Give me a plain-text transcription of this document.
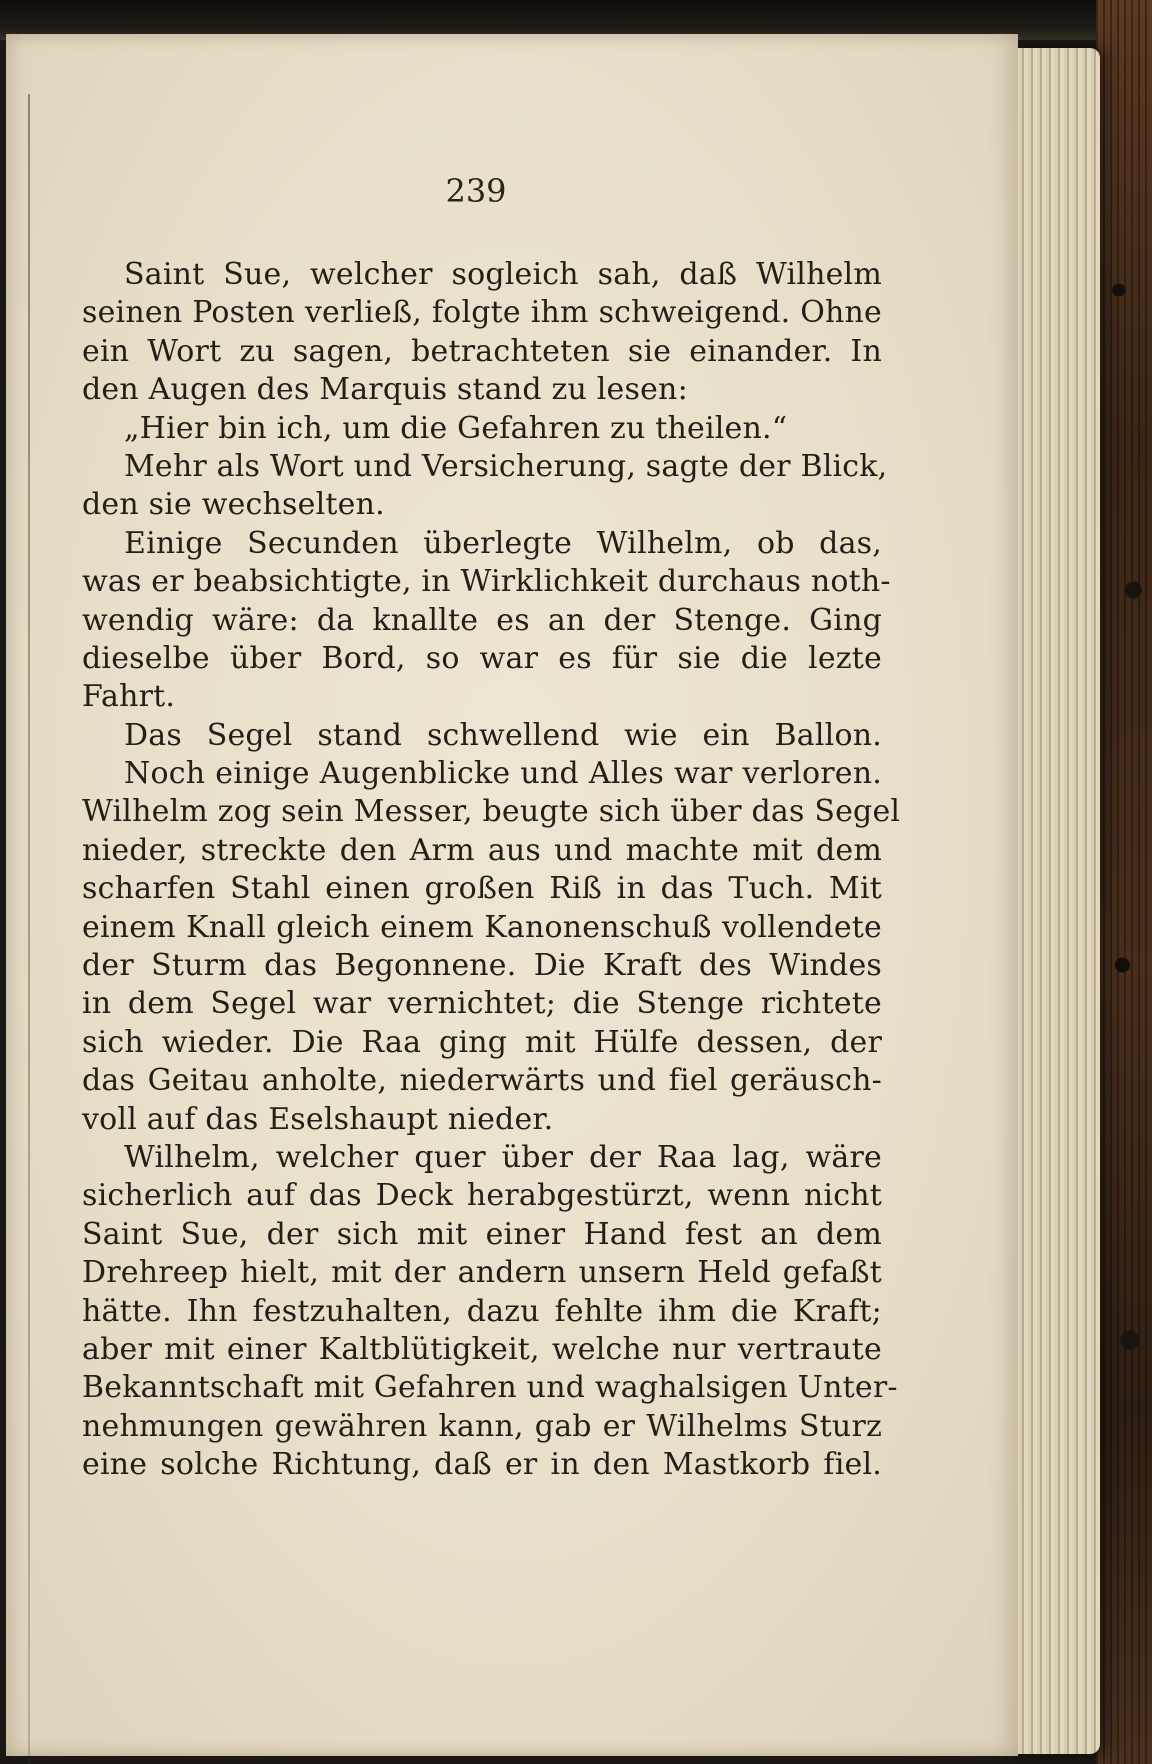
239
Saint Sue, welcher sogleich sah, daß Wilhelm
seinen Posten verließ, folgte ihm schweigend. Ohne
ein Wort zu sagen, betrachteten sie einander. In
den Augen des Marquis stand zu lesen:
„Hier bin ich, um die Gefahren zu theilen.“
Mehr als Wort und Versicherung, sagte der Blick,
den sie wechselten.
Einige Secunden überlegte Wilhelm, ob das,
was er beabsichtigte, in Wirklichkeit durchaus noth-
wendig wäre: da knallte es an der Stenge. Ging
dieselbe über Bord, so war es für sie die lezte
Fahrt.
Das Segel stand schwellend wie ein Ballon.
Noch einige Augenblicke und Alles war verloren.
Wilhelm zog sein Messer, beugte sich über das Segel
nieder, streckte den Arm aus und machte mit dem
scharfen Stahl einen großen Riß in das Tuch. Mit
einem Knall gleich einem Kanonenschuß vollendete
der Sturm das Begonnene. Die Kraft des Windes
in dem Segel war vernichtet; die Stenge richtete
sich wieder. Die Raa ging mit Hülfe dessen, der
das Geitau anholte, niederwärts und fiel geräusch-
voll auf das Eselshaupt nieder.
Wilhelm, welcher quer über der Raa lag, wäre
sicherlich auf das Deck herabgestürzt, wenn nicht
Saint Sue, der sich mit einer Hand fest an dem
Drehreep hielt, mit der andern unsern Held gefaßt
hätte. Ihn festzuhalten, dazu fehlte ihm die Kraft;
aber mit einer Kaltblütigkeit, welche nur vertraute
Bekanntschaft mit Gefahren und waghalsigen Unter-
nehmungen gewähren kann, gab er Wilhelms Sturz
eine solche Richtung, daß er in den Mastkorb fiel.
